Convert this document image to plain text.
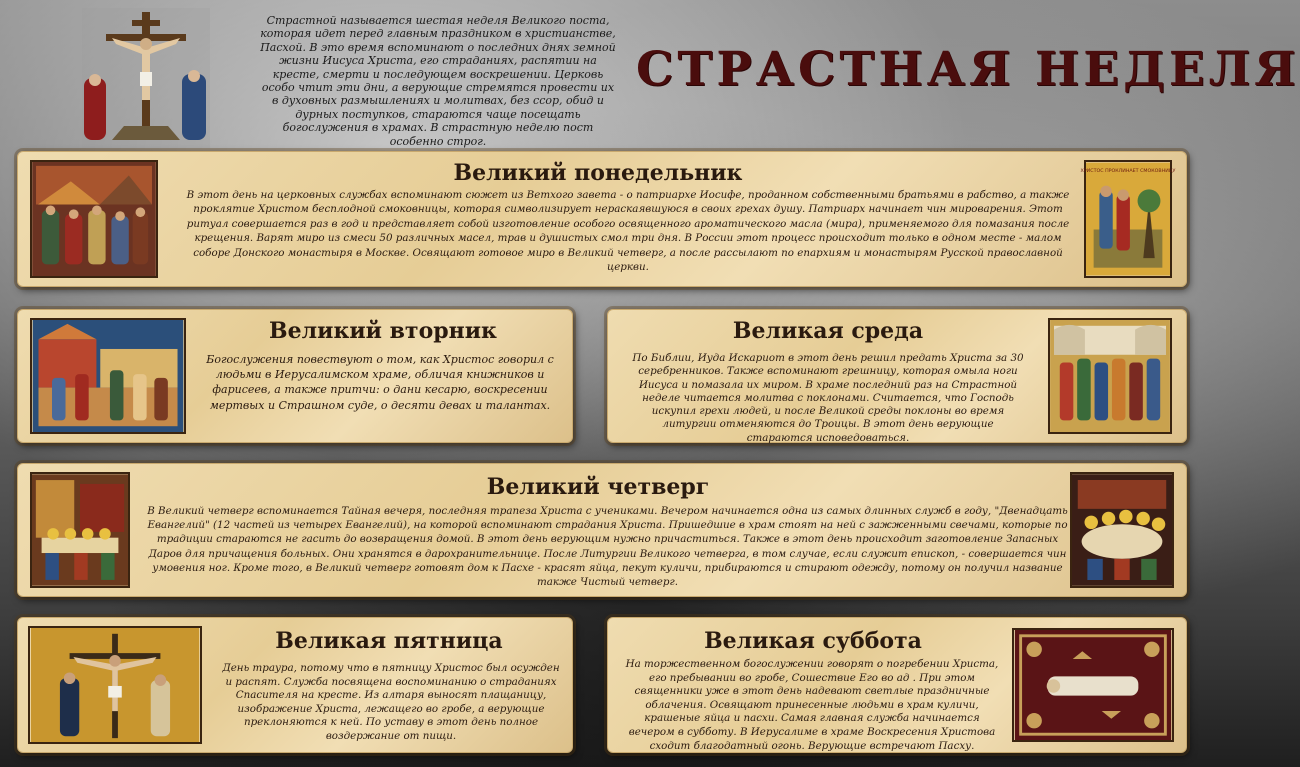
Страстной называется шестая неделя Великого поста, которая идет перед главным праздником в христианстве, Пасхой. В это время вспоминают о последних днях земной жизни Иисуса Христа, его страданиях, распятии на кресте, смерти и последующем воскрешении. Церковь особо чтит эти дни, а верующие стремятся провести их в духовных размышлениях и молитвах, без ссор, обид и дурных поступков, стараются чаще посещать богослужения в храмах. В страстную неделю пост особенно строг.
СТРАСТНАЯ НЕДЕЛЯ
Великий понедельник
В этот день на церковных службах вспоминают сюжет из Ветхого завета - о патриархе Иосифе, проданном собственными братьями в рабство, а также проклятие Христом бесплодной смоковницы, которая символизирует нераскаявшуюся в своих грехах душу. Патриарх начинает чин мироварения. Этот ритуал совершается раз в год и представляет собой изготовление особого освященного ароматического масла (мира), применяемого для помазания после крещения. Варят миро из смеси 50 различных масел, трав и душистых смол три дня. В России этот процесс происходит только в одном месте - малом соборе Донского монастыря в Москве. Освящают готовое миро в Великий четверг, а после рассылают по епархиям и монастырям Русской православной церкви.
ХРИСТОС ПРОКЛИНАЕТ СМОКОВНИЦУ
Великий вторник
Богослужения повествуют о том, как Христос говорил с людьми в Иерусалимском храме, обличая книжников и фарисеев, а также притчи: о дани кесарю, воскресении мертвых и Страшном суде, о десяти девах и талантах.
Великая среда
По Библии, Иуда Искариот в этот день решил предать Христа за 30 серебренников. Также вспоминают грешницу, которая омыла ноги Иисуса и помазала их миром. В храме последний раз на Страстной неделе читается молитва с поклонами. Считается, что Господь искупил грехи людей, и после Великой среды поклоны во время литургии отменяются до Троицы. В этот день верующие стараются исповедоваться.
Великий четверг
В Великий четверг вспоминается Тайная вечеря, последняя трапеза Христа с учениками. Вечером начинается одна из самых длинных служб в году, "Двенадцать Евангелий" (12 частей из четырех Евангелий), на которой вспоминают страдания Христа. Пришедшие в храм стоят на ней с зажженными свечами, которые по традиции стараются не гасить до возвращения домой. В этот день верующим нужно причаститься. Также в этот день происходит заготовление Запасных Даров для причащения больных. Они хранятся в дарохранительнице. После Литургии Великого четверга, в том случае, если служит епископ, - совершается чин умовения ног. Кроме того, в Великий четверг готовят дом к Пасхе - красят яйца, пекут куличи, прибираются и стирают одежду, потому он получил название также Чистый четверг.
Великая пятница
День траура, потому что в пятницу Христос был осужден и распят. Служба посвящена воспоминанию о страданиях Спасителя на кресте. Из алтаря выносят плащаницу, изображение Христа, лежащего во гробе, а верующие преклоняются к ней. По уставу в этот день полное воздержание от пищи.
Великая суббота
На торжественном богослужении говорят о погребении Христа, его пребывании во гробе, Сошествие Его во ад . При этом священники уже в этот день надевают светлые праздничные облачения. Освящают принесенные людьми в храм куличи, крашеные яйца и пасхи. Самая главная служба начинается вечером в субботу. В Иерусалиме в храме Воскресения Христова сходит благодатный огонь. Верующие встречают Пасху.
